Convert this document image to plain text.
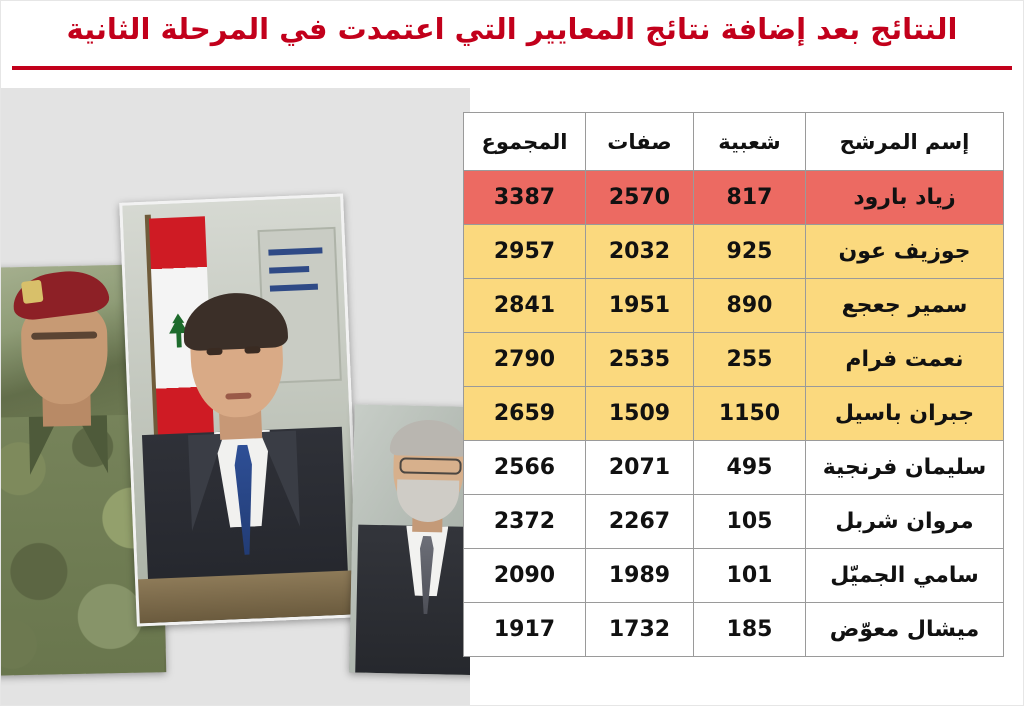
النتائج بعد إضافة نتائج المعايير التي اعتمدت في المرحلة الثانية
إسم المرشح	شعبية	صفات	المجموع
زياد بارود	817	2570	3387
جوزيف عون	925	2032	2957
سمير جعجع	890	1951	2841
نعمت فرام	255	2535	2790
جبران باسيل	1150	1509	2659
سليمان فرنجية	495	2071	2566
مروان شربل	105	2267	2372
سامي الجميّل	101	1989	2090
ميشال معوّض	185	1732	1917
